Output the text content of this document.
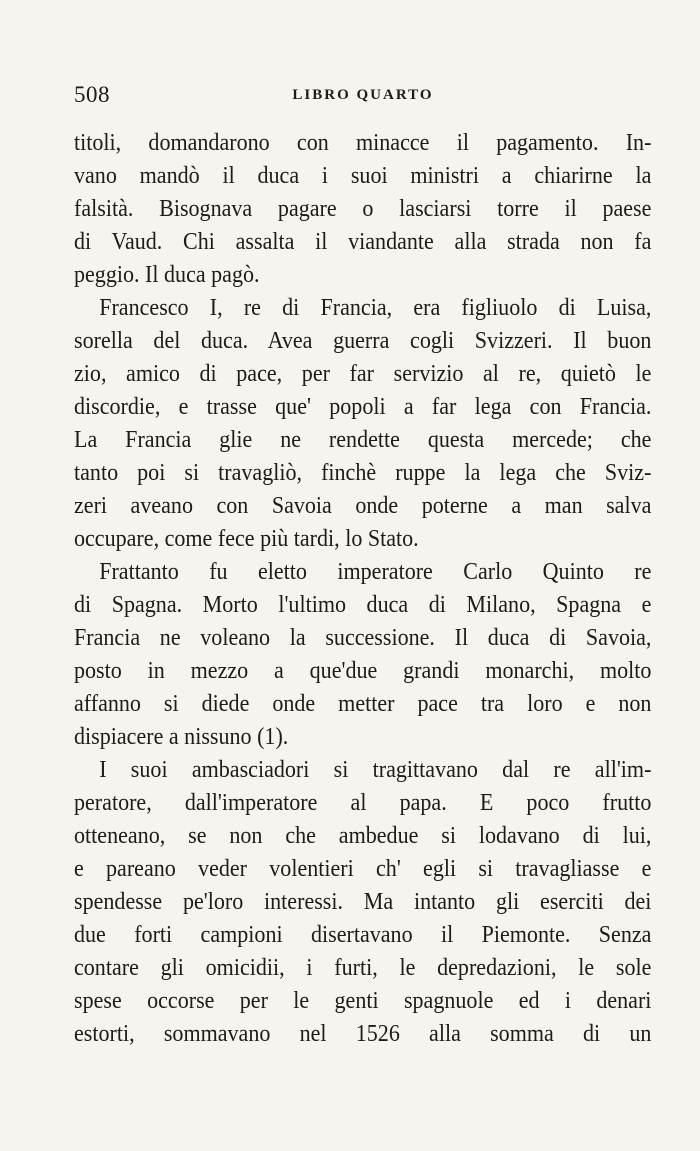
508	LIBRO QUARTO
titoli, domandarono con minacce il pagamento. In-
vano mandò il duca i suoi ministri a chiarirne la
falsità. Bisognava pagare o lasciarsi torre il paese
di Vaud. Chi assalta il viandante alla strada non fa
peggio. Il duca pagò.
Francesco I, re di Francia, era figliuolo di Luisa,
sorella del duca. Avea guerra cogli Svizzeri. Il buon
zio, amico di pace, per far servizio al re, quietò le
discordie, e trasse que' popoli a far lega con Francia.
La Francia glie ne rendette questa mercede; che
tanto poi si travagliò, finchè ruppe la lega che Sviz-
zeri aveano con Savoia onde poterne a man salva
occupare, come fece più tardi, lo Stato.
Frattanto fu eletto imperatore Carlo Quinto re
di Spagna. Morto l'ultimo duca di Milano, Spagna e
Francia ne voleano la successione. Il duca di Savoia,
posto in mezzo a que'due grandi monarchi, molto
affanno si diede onde metter pace tra loro e non
dispiacere a nissuno (1).
I suoi ambasciadori si tragittavano dal re all'im-
peratore, dall'imperatore al papa. E poco frutto
otteneano, se non che ambedue si lodavano di lui,
e pareano veder volentieri ch' egli si travagliasse e
spendesse pe'loro interessi. Ma intanto gli eserciti dei
due forti campioni disertavano il Piemonte. Senza
contare gli omicidii, i furti, le depredazioni, le sole
spese occorse per le genti spagnuole ed i denari
estorti, sommavano nel 1526 alla somma di un
